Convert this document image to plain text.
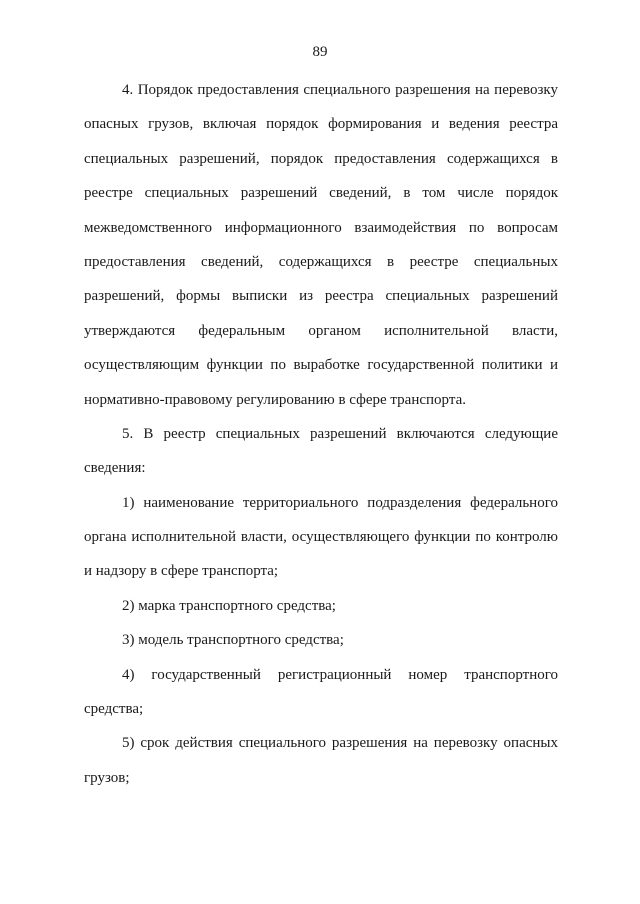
89
4. Порядок предоставления специального разрешения на перевозку
опасных грузов, включая порядок формирования и ведения реестра
специальных разрешений, порядок предоставления содержащихся в
реестре специальных разрешений сведений, в том числе порядок
межведомственного информационного взаимодействия по вопросам
предоставления сведений, содержащихся в реестре специальных
разрешений, формы выписки из реестра специальных разрешений
утверждаются федеральным органом исполнительной власти,
осуществляющим функции по выработке государственной политики и
нормативно-правовому регулированию в сфере транспорта.
5. В реестр специальных разрешений включаются следующие
сведения:
1) наименование территориального подразделения федерального
органа исполнительной власти, осуществляющего функции по контролю
и надзору в сфере транспорта;
2) марка транспортного средства;
3) модель транспортного средства;
4) государственный регистрационный номер транспортного
средства;
5) срок действия специального разрешения на перевозку опасных
грузов;
